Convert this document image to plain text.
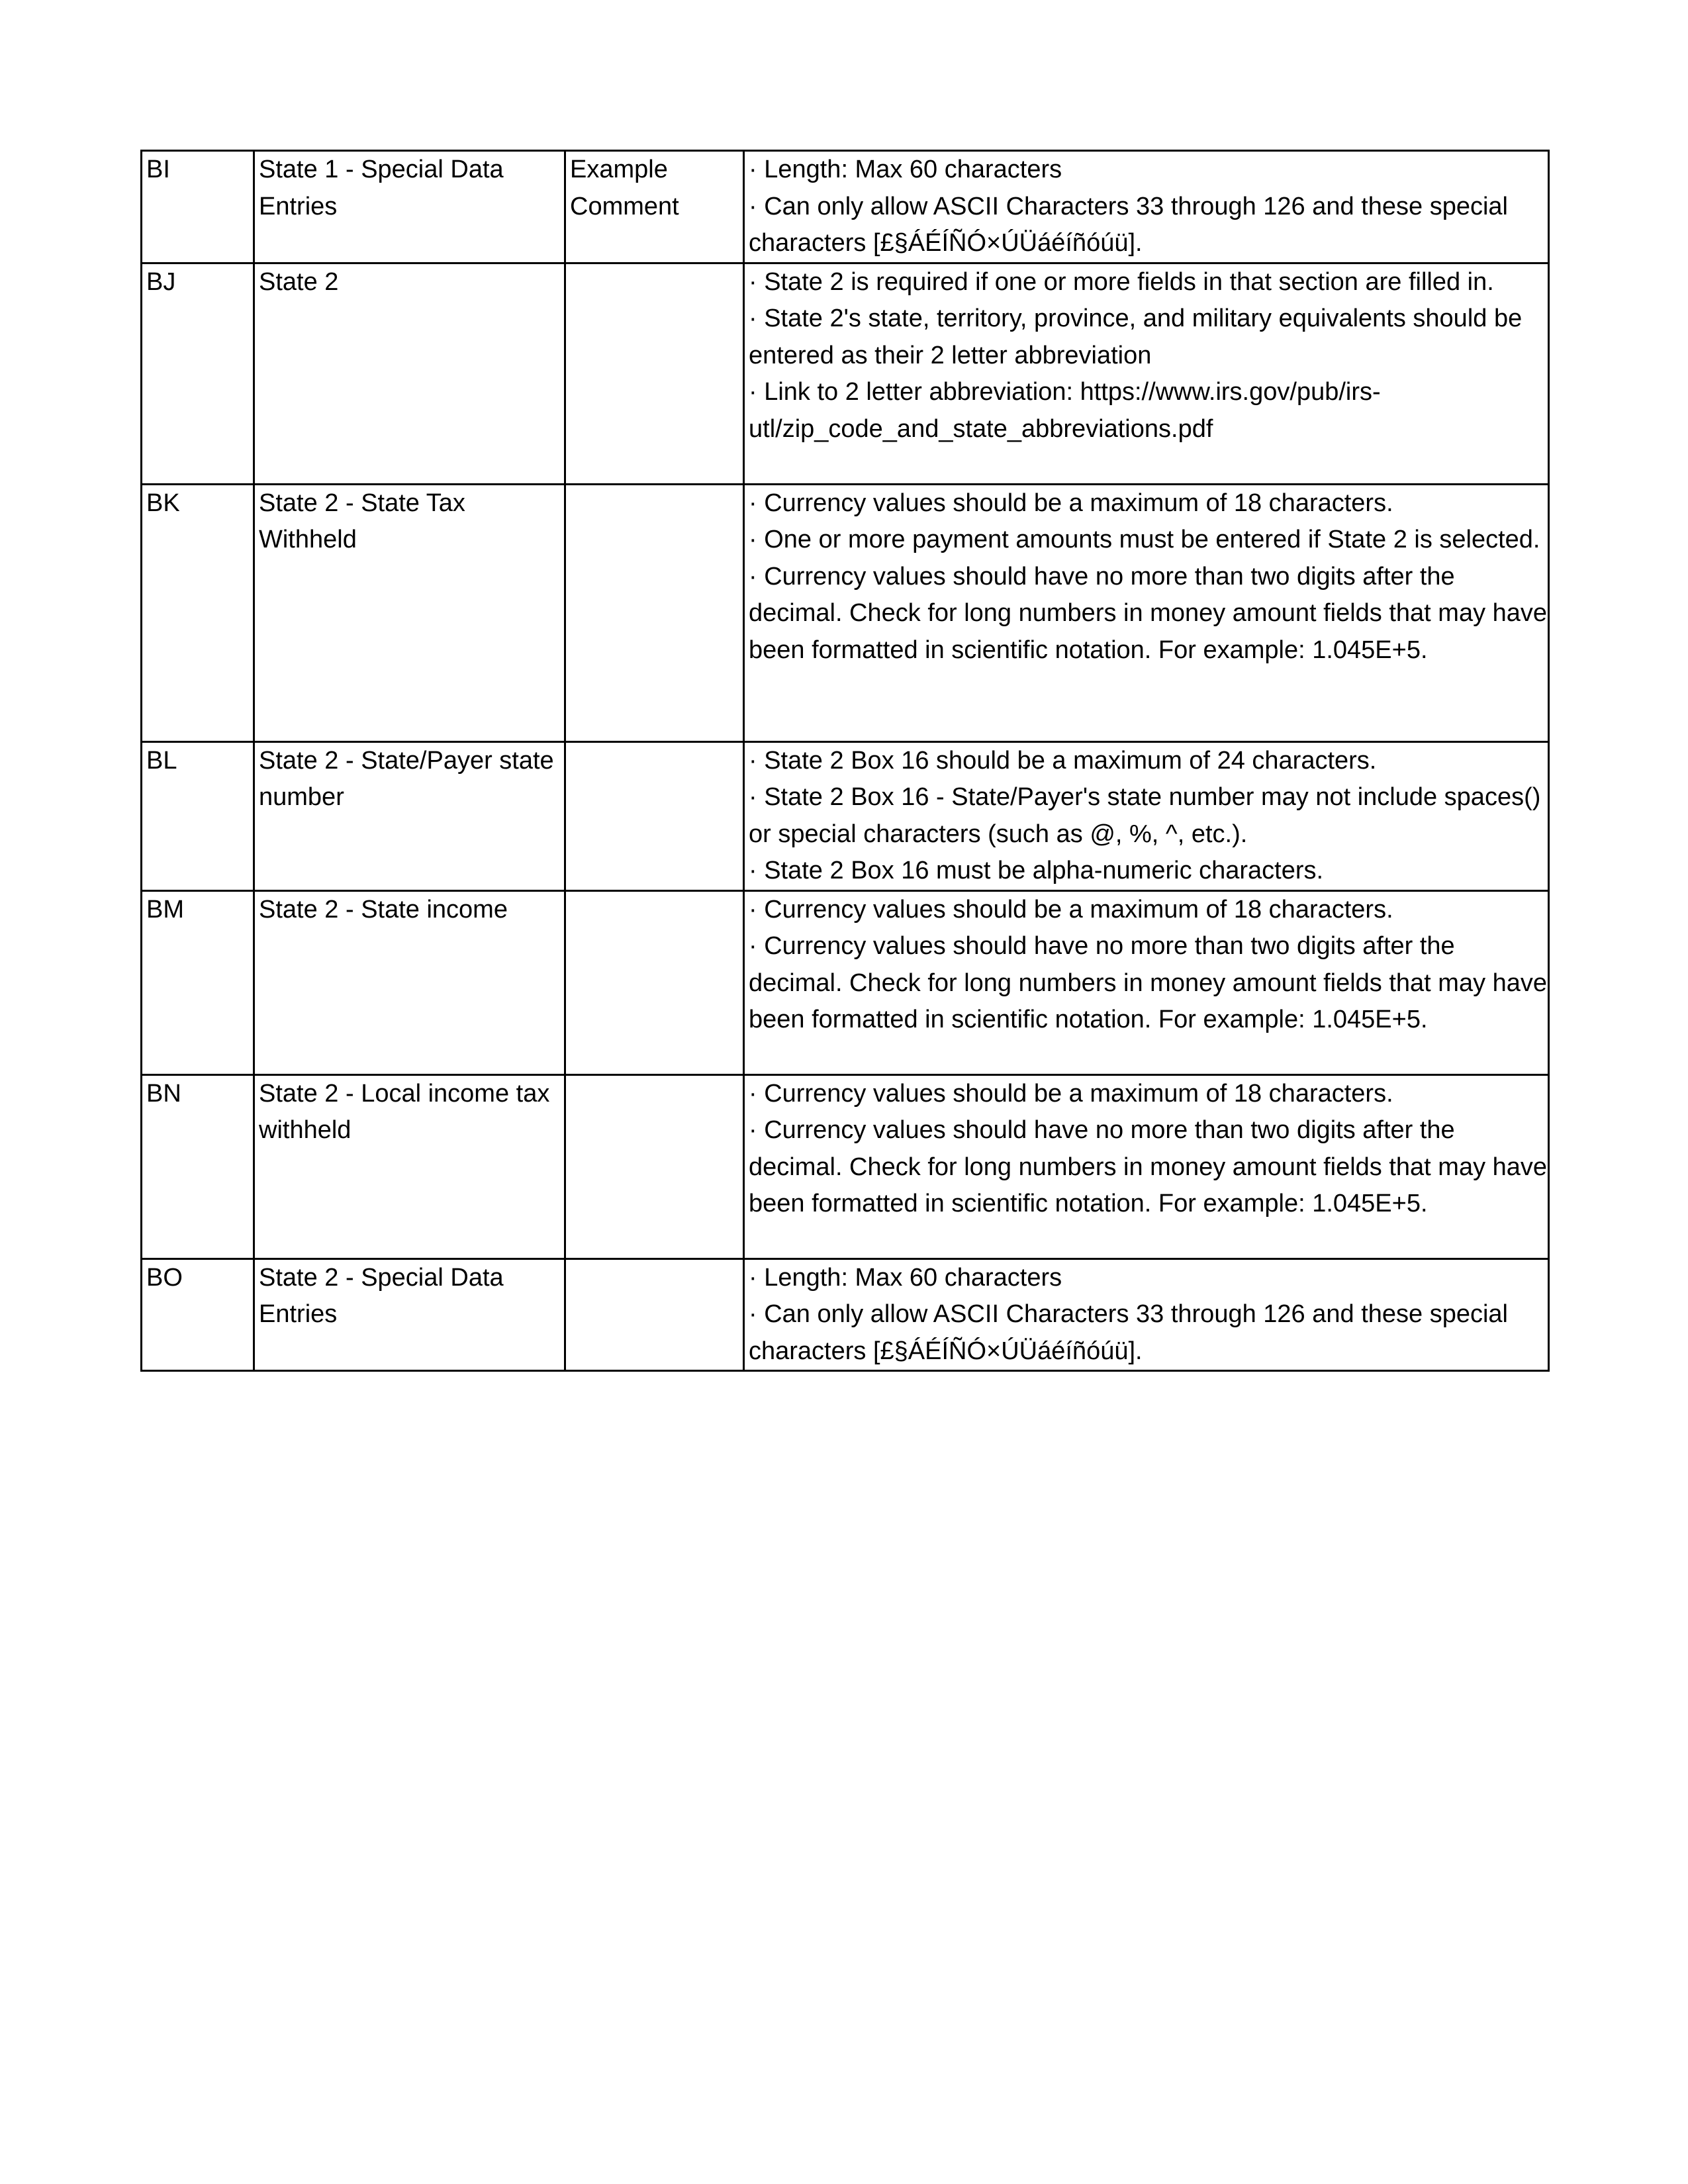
BI	State 1 - Special Data Entries	Example Comment	· Length: Max 60 characters
· Can only allow ASCII Characters 33 through 126 and these special characters [£§ÁÉÍÑÓ×ÚÜáéíñóúü].

BJ	State 2		· State 2 is required if one or more fields in that section are filled in.
· State 2's state, territory, province, and military equivalents should be entered as their 2 letter abbreviation
· Link to 2 letter abbreviation: https://www.irs.gov/pub/irs-utl/zip_code_and_state_abbreviations.pdf

BK	State 2 - State Tax Withheld		· Currency values should be a maximum of 18 characters.
· One or more payment amounts must be entered if State 2 is selected.
· Currency values should have no more than two digits after the decimal. Check for long numbers in money amount fields that may have been formatted in scientific notation. For example: 1.045E+5.

BL	State 2 - State/Payer state number		· State 2 Box 16 should be a maximum of 24 characters.
· State 2 Box 16 - State/Payer's state number may not include spaces() or special characters (such as @, %, ^, etc.).
· State 2 Box 16 must be alpha-numeric characters.

BM	State 2 - State income		· Currency values should be a maximum of 18 characters.
· Currency values should have no more than two digits after the decimal. Check for long numbers in money amount fields that may have been formatted in scientific notation. For example: 1.045E+5.

BN	State 2 - Local income tax withheld		· Currency values should be a maximum of 18 characters.
· Currency values should have no more than two digits after the decimal. Check for long numbers in money amount fields that may have been formatted in scientific notation. For example: 1.045E+5.

BO	State 2 - Special Data Entries		· Length: Max 60 characters
· Can only allow ASCII Characters 33 through 126 and these special characters [£§ÁÉÍÑÓ×ÚÜáéíñóúü].
